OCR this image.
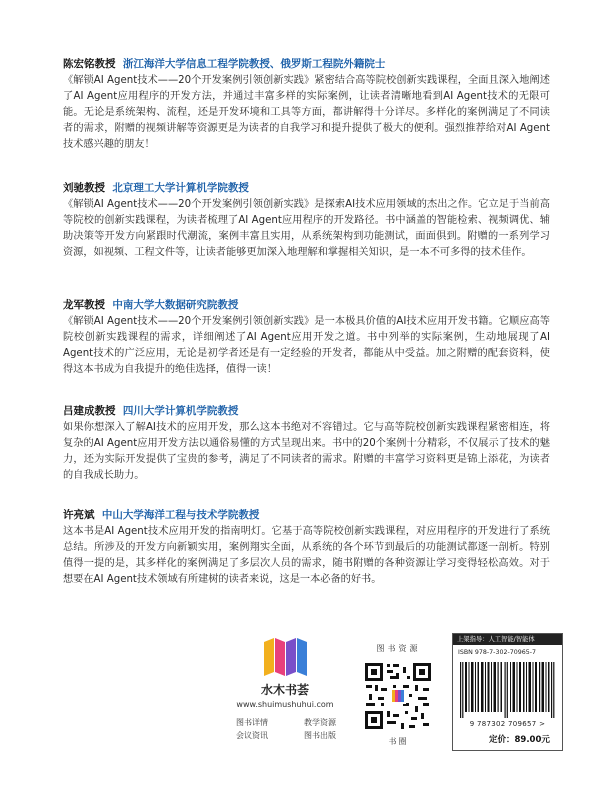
陈宏铭教授 浙江海洋大学信息工程学院教授、俄罗斯工程院外籍院士

《解锁AI Agent技术——20个开发案例引领创新实践》紧密结合高等院校创新实践课程，全面且深入地阐述了AI Agent应用程序的开发方法，并通过丰富多样的实际案例，让读者清晰地看到AI Agent技术的无限可能。无论是系统架构、流程，还是开发环境和工具等方面，都讲解得十分详尽。多样化的案例满足了不同读者的需求，附赠的视频讲解等资源更是为读者的自我学习和提升提供了极大的便利。强烈推荐给对AI Agent技术感兴趣的朋友！

刘驰教授 北京理工大学计算机学院教授

《解锁AI Agent技术——20个开发案例引领创新实践》是探索AI技术应用领域的杰出之作。它立足于当前高等院校的创新实践课程，为读者梳理了AI Agent应用程序的开发路径。书中涵盖的智能检索、视频调优、辅助决策等开发方向紧跟时代潮流，案例丰富且实用，从系统架构到功能测试，面面俱到。附赠的一系列学习资源，如视频、工程文件等，让读者能够更加深入地理解和掌握相关知识，是一本不可多得的技术佳作。

龙军教授 中南大学大数据研究院教授

《解锁AI Agent技术——20个开发案例引领创新实践》是一本极具价值的AI技术应用开发书籍。它顺应高等院校创新实践课程的需求，详细阐述了AI Agent应用开发之道。书中列举的实际案例，生动地展现了AI Agent技术的广泛应用，无论是初学者还是有一定经验的开发者，都能从中受益。加之附赠的配套资料，使得这本书成为自我提升的绝佳选择，值得一读！

吕建成教授 四川大学计算机学院教授

如果你想深入了解AI技术的应用开发，那么这本书绝对不容错过。它与高等院校创新实践课程紧密相连，将复杂的AI Agent应用开发方法以通俗易懂的方式呈现出来。书中的20个案例十分精彩，不仅展示了技术的魅力，还为实际开发提供了宝贵的参考，满足了不同读者的需求。附赠的丰富学习资料更是锦上添花，为读者的自我成长助力。

许亮斌 中山大学海洋工程与技术学院教授

这本书是AI Agent技术应用开发的指南明灯。它基于高等院校创新实践课程，对应用程序的开发进行了系统总结。所涉及的开发方向新颖实用，案例翔实全面，从系统的各个环节到最后的功能测试都逐一剖析。特别值得一提的是，其多样化的案例满足了多层次人员的需求，随书附赠的各种资源让学习变得轻松高效。对于想要在AI Agent技术领域有所建树的读者来说，这是一本必备的好书。

水木书荟
www.shuimushuhui.com
图书详情	教学资源
会议资讯	图书出版
图书资源
书圈
上架指导：人工智能/智能体
ISBN 978-7-302-70965-7
9 787302 709657 >
定价：89.00元
